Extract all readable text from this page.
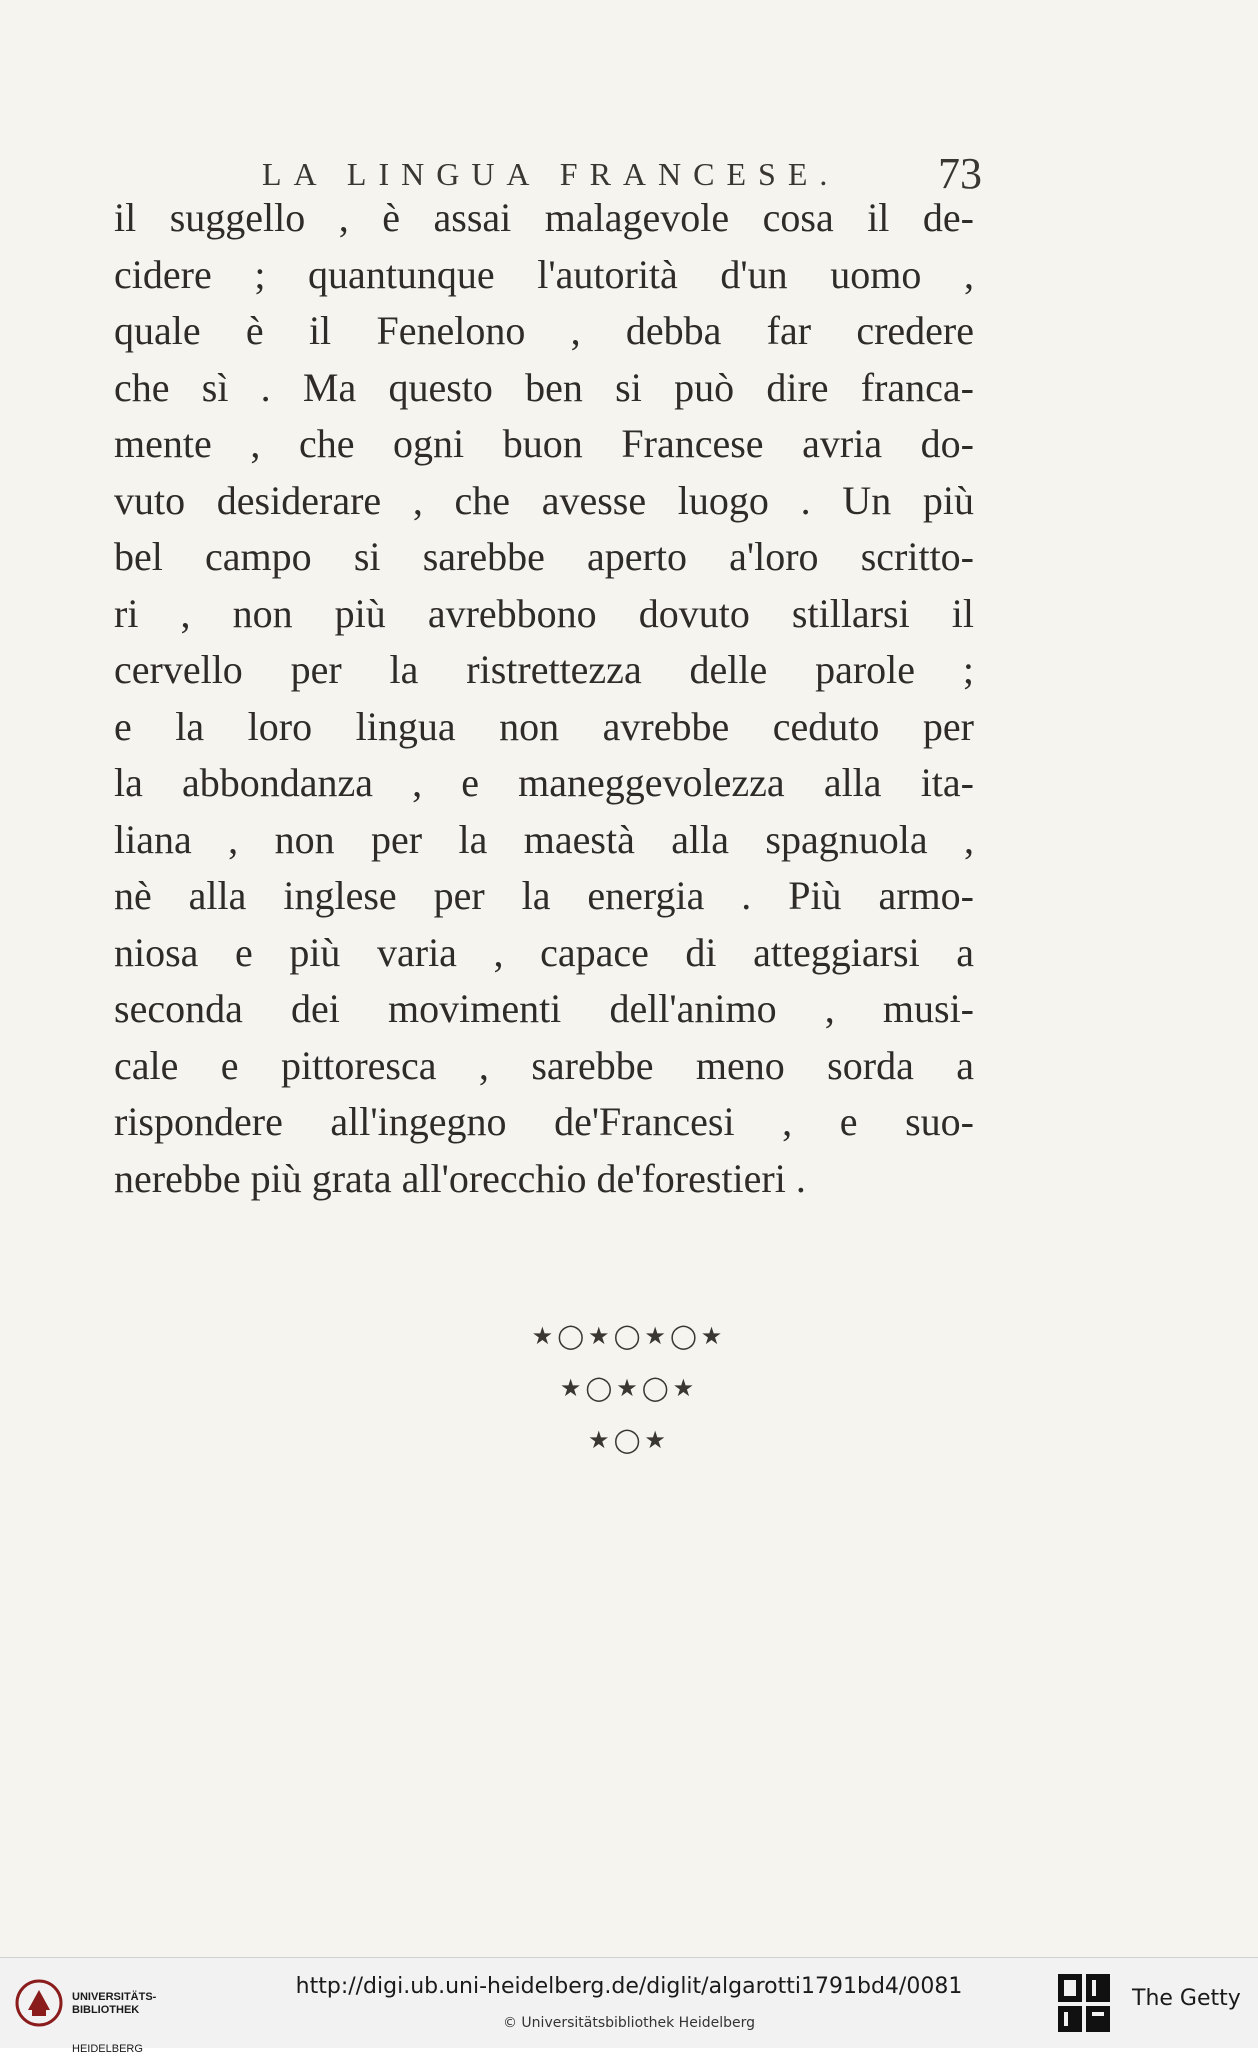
LA LINGUA FRANCESE. 73
il suggello , è assai malagevole cosa il de-
cidere ; quantunque l'autorità d'un uomo ,
quale è il Fenelono , debba far credere
che sì . Ma questo ben si può dire franca-
mente , che ogni buon Francese avria do-
vuto desiderare , che avesse luogo . Un più
bel campo si sarebbe aperto a'loro scritto-
ri , non più avrebbono dovuto stillarsi il
cervello per la ristrettezza delle parole ;
e la loro lingua non avrebbe ceduto per
la abbondanza , e maneggevolezza alla ita-
liana , non per la maestà alla spagnuola ,
nè alla inglese per la energia . Più armo-
niosa e più varia , capace di atteggiarsi a
seconda dei movimenti dell'animo , musi-
cale e pittoresca , sarebbe meno sorda a
rispondere all'ingegno de'Francesi , e suo-
nerebbe più grata all'orecchio de'forestieri .
★◯★◯★◯★
★◯★◯★
★◯★

UNIVERSITÄTS-
BIBLIOTHEK

HEIDELBERG

http://digi.ub.uni-heidelberg.de/diglit/algarotti1791bd4/0081
© Universitätsbibliothek Heidelberg
The Getty
